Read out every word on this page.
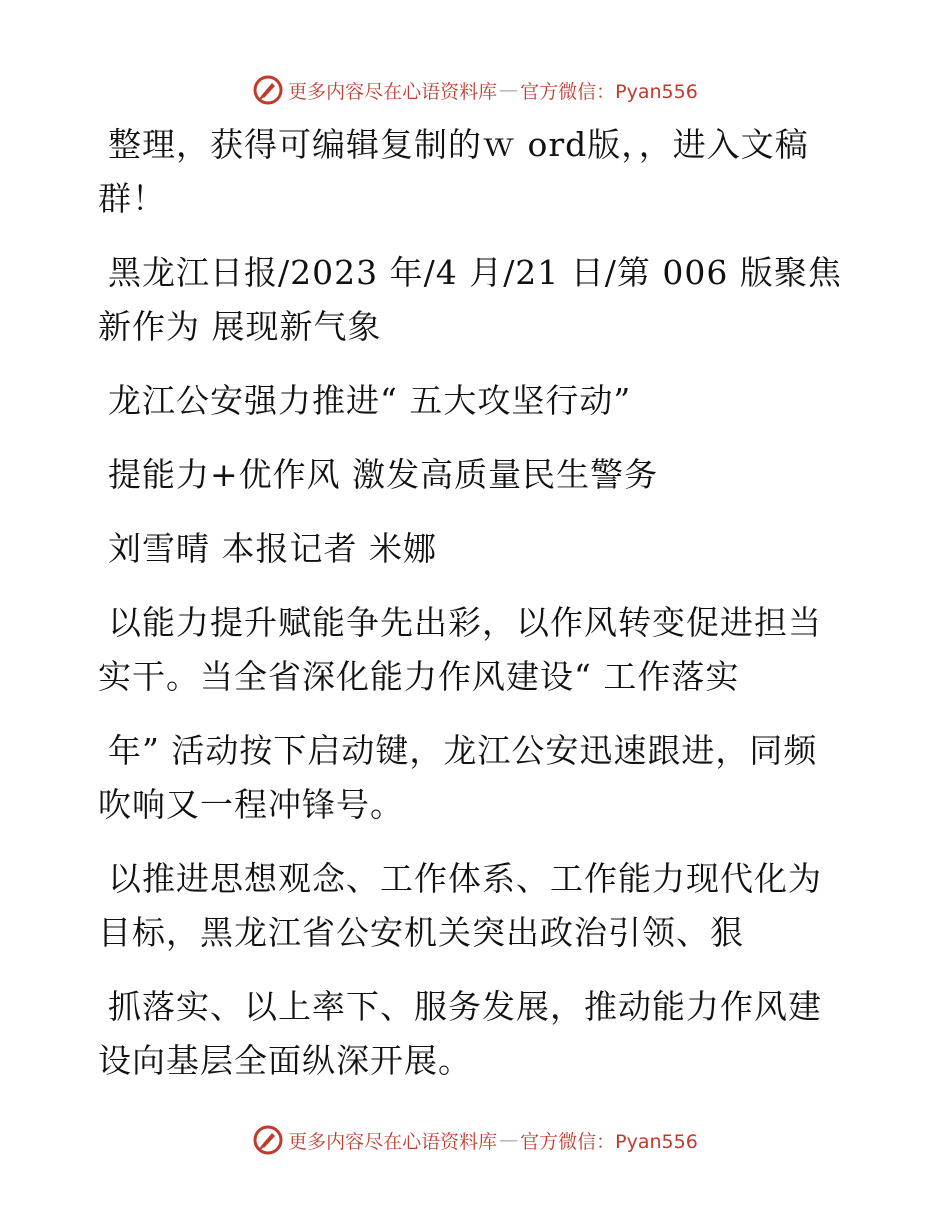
更多内容尽在心语资料库 — 官方微信：Pyan556
整理，获得可编辑复制的ｗ ord版，，进入文稿
群！
黑龙江日报/2023 年/4 月/21 日/第 006 版聚焦
新作为 展现新气象
龙江公安强力推进“ 五大攻坚行动”
提能力+优作风 激发高质量民生警务
刘雪晴 本报记者 米娜
以能力提升赋能争先出彩，以作风转变促进担当
实干。当全省深化能力作风建设“ 工作落实
年” 活动按下启动键，龙江公安迅速跟进，同频
吹响又一程冲锋号。
以推进思想观念、工作体系、工作能力现代化为
目标，黑龙江省公安机关突出政治引领、狠
抓落实、以上率下、服务发展，推动能力作风建
设向基层全面纵深开展。
更多内容尽在心语资料库 — 官方微信：Pyan556
